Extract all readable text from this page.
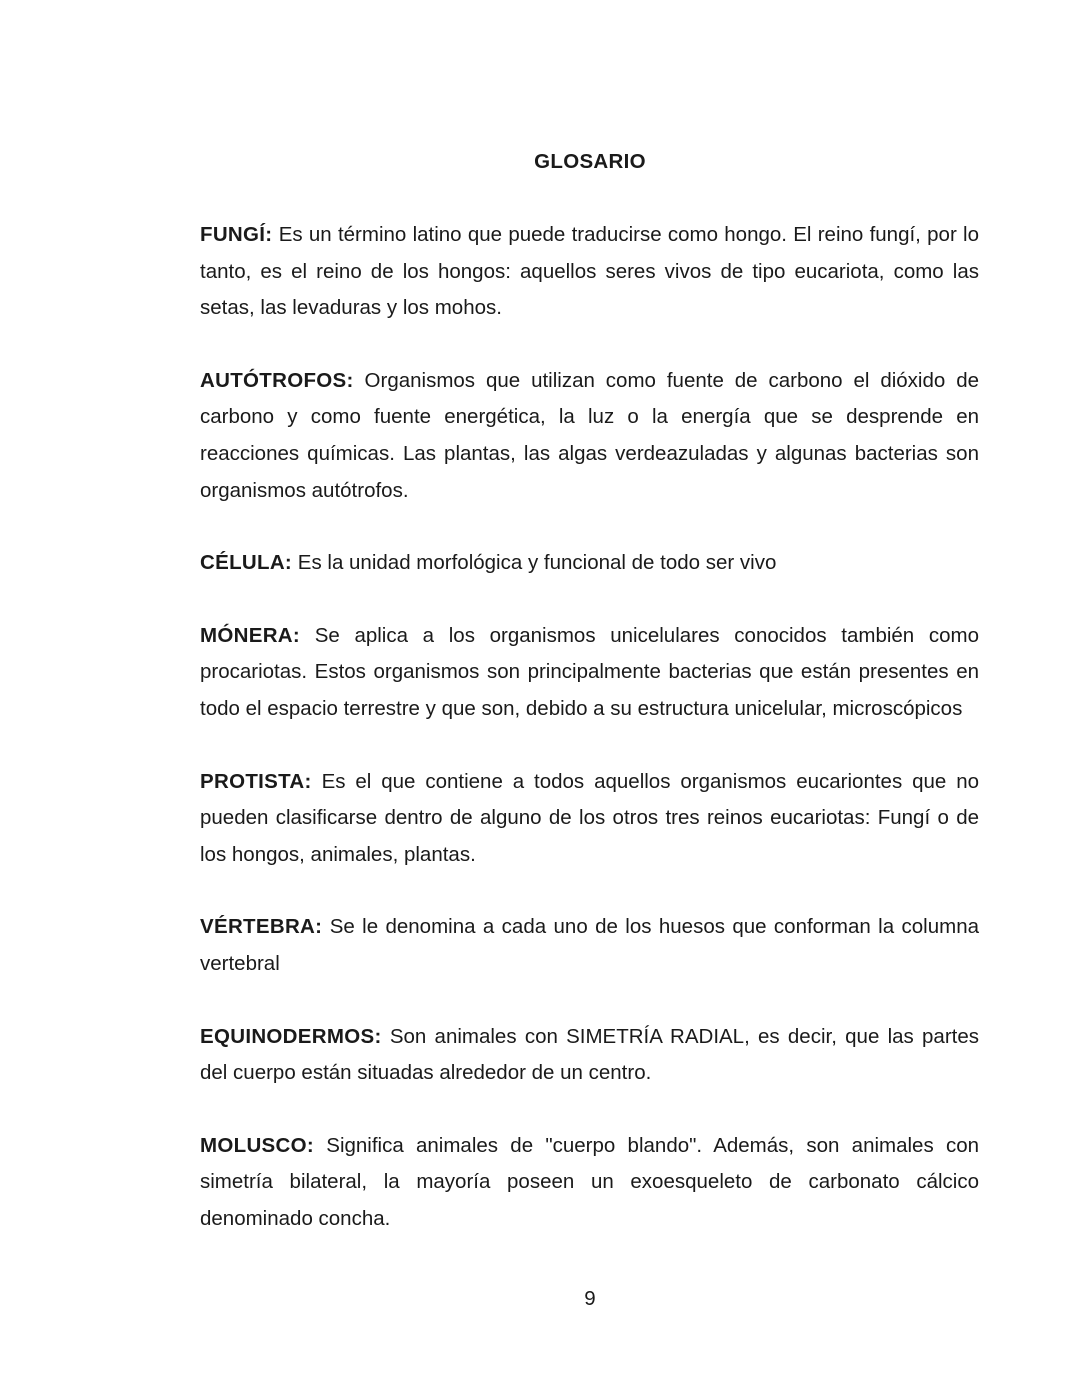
GLOSARIO

FUNGÍ: Es un término latino que puede traducirse como hongo. El reino fungí, por lo tanto, es el reino de los hongos: aquellos seres vivos de tipo eucariota, como las setas, las levaduras y los mohos.

AUTÓTROFOS: Organismos que utilizan como fuente de carbono el dióxido de carbono y como fuente energética, la luz o la energía que se desprende en reacciones químicas. Las plantas, las algas verdeazuladas y algunas bacterias son organismos autótrofos.

CÉLULA: Es la unidad morfológica y funcional de todo ser vivo

MÓNERA: Se aplica a los organismos unicelulares conocidos también como procariotas. Estos organismos son principalmente bacterias que están presentes en todo el espacio terrestre y que son, debido a su estructura unicelular, microscópicos

PROTISTA: Es el que contiene a todos aquellos organismos eucariontes que no pueden clasificarse dentro de alguno de los otros tres reinos eucariotas: Fungí o de los hongos, animales, plantas.

VÉRTEBRA: Se le denomina a cada uno de los huesos que conforman la columna vertebral

EQUINODERMOS: Son animales con SIMETRÍA RADIAL, es decir, que las partes del cuerpo están situadas alrededor de un centro.

MOLUSCO: Significa animales de "cuerpo blando". Además, son animales con simetría bilateral, la mayoría poseen un exoesqueleto de carbonato cálcico denominado concha.

9
